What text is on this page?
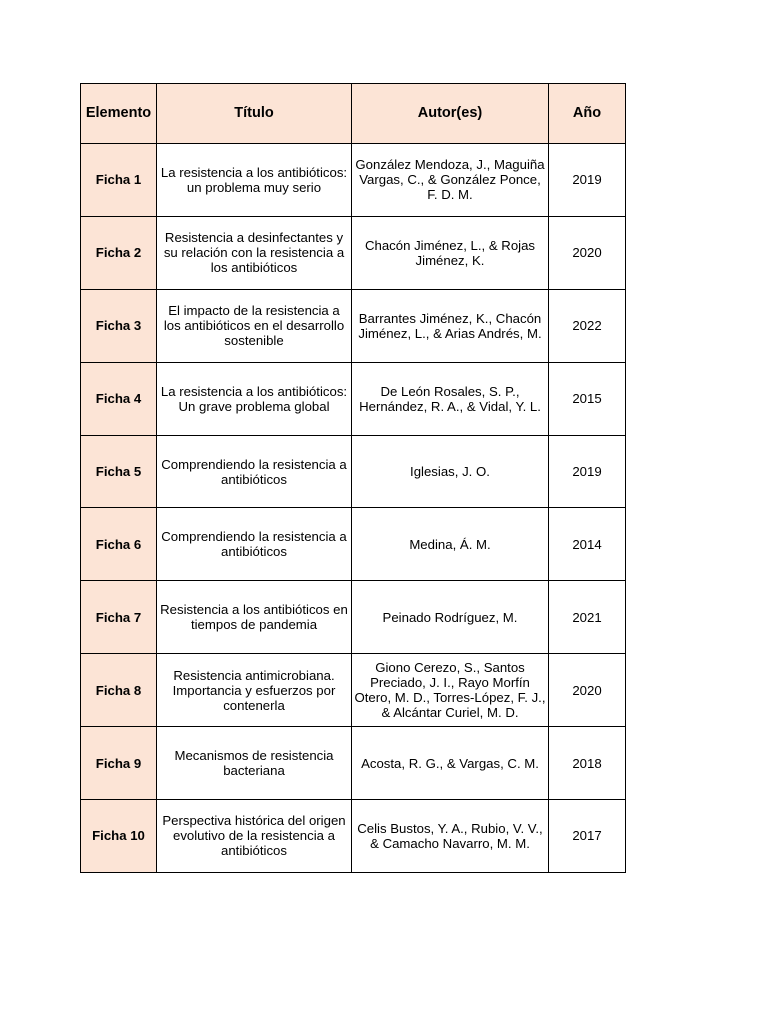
Elemento	Título	Autor(es)	Año
Ficha 1	La resistencia a los antibióticos: un problema muy serio	González Mendoza, J., Maguiña Vargas, C., & González Ponce, F. D. M.	2019
Ficha 2	Resistencia a desinfectantes y su relación con la resistencia a los antibióticos	Chacón Jiménez, L., & Rojas Jiménez, K.	2020
Ficha 3	El impacto de la resistencia a los antibióticos en el desarrollo sostenible	Barrantes Jiménez, K., Chacón Jiménez, L., & Arias Andrés, M.	2022
Ficha 4	La resistencia a los antibióticos: Un grave problema global	De León Rosales, S. P., Hernández, R. A., & Vidal, Y. L.	2015
Ficha 5	Comprendiendo la resistencia a antibióticos	Iglesias, J. O.	2019
Ficha 6	Comprendiendo la resistencia a antibióticos	Medina, Á. M.	2014
Ficha 7	Resistencia a los antibióticos en tiempos de pandemia	Peinado Rodríguez, M.	2021
Ficha 8	Resistencia antimicrobiana. Importancia y esfuerzos por contenerla	Giono Cerezo, S., Santos Preciado, J. I., Rayo Morfín Otero, M. D., Torres-López, F. J., & Alcántar Curiel, M. D.	2020
Ficha 9	Mecanismos de resistencia bacteriana	Acosta, R. G., & Vargas, C. M.	2018
Ficha 10	Perspectiva histórica del origen evolutivo de la resistencia a antibióticos	Celis Bustos, Y. A., Rubio, V. V., & Camacho Navarro, M. M.	2017
